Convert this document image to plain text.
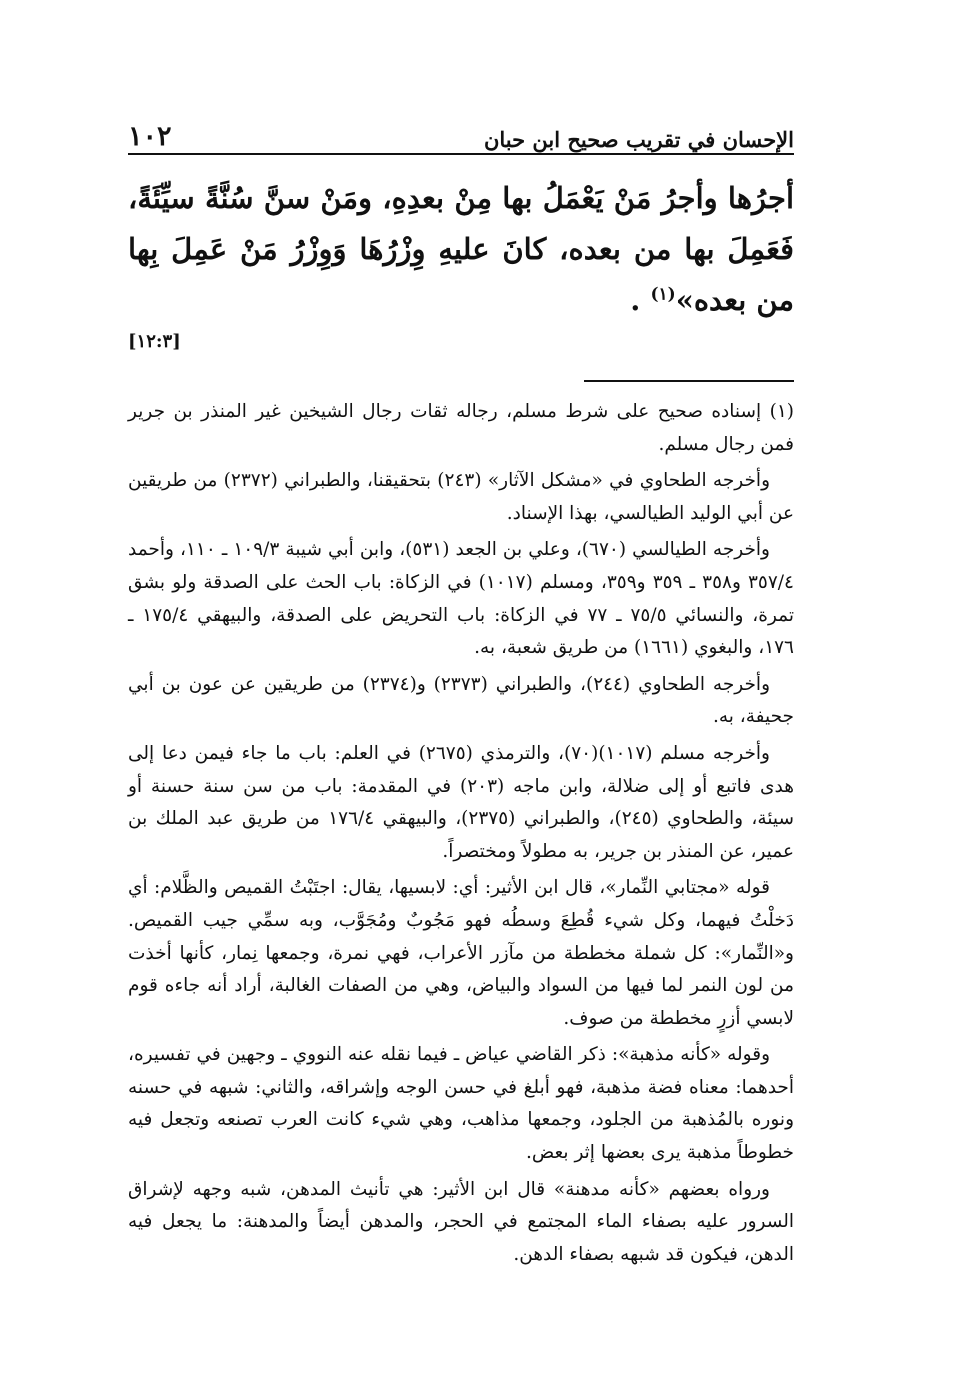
الإحسان في تقريب صحيح ابن حبان
١٠٢
أجرُها وأجرُ مَنْ يَعْمَلُ بها مِنْ بعدِهِ، ومَنْ سنَّ سُنَّةً سيِّئَةً، فَعَمِلَ بها من بعده، كانَ عليهِ وِزْرُهَا وَوِزْرُ مَنْ عَمِلَ بِها من بعده»$^{(١)}$ .
[١٢:٣]

(١) إسناده صحيح على شرط مسلم، رجاله ثقات رجال الشيخين غير المنذر بن جرير فمن رجال مسلم.

وأخرجه الطحاوي في «مشكل الآثار» (٢٤٣) بتحقيقنا، والطبراني (٢٣٧٢) من طريقين عن أبي الوليد الطيالسي، بهذا الإسناد.

وأخرجه الطيالسي (٦٧٠)، وعلي بن الجعد (٥٣١)، وابن أبي شيبة ١٠٩/٣ ـ ١١٠، وأحمد ٣٥٧/٤ و٣٥٨ ـ ٣٥٩ و٣٥٩، ومسلم (١٠١٧) في الزكاة: باب الحث على الصدقة ولو بشق تمرة، والنسائي ٧٥/٥ ـ ٧٧ في الزكاة: باب التحريض على الصدقة، والبيهقي ١٧٥/٤ ـ ١٧٦، والبغوي (١٦٦١) من طريق شعبة، به.

وأخرجه الطحاوي (٢٤٤)، والطبراني (٢٣٧٣) و(٢٣٧٤) من طريقين عن عون بن أبي جحيفة، به.

وأخرجه مسلم (١٠١٧)(٧٠)، والترمذي (٢٦٧٥) في العلم: باب ما جاء فيمن دعا إلى هدى فاتبع أو إلى ضلالة، وابن ماجه (٢٠٣) في المقدمة: باب من سن سنة حسنة أو سيئة، والطحاوي (٢٤٥)، والطبراني (٢٣٧٥)، والبيهقي ١٧٦/٤ من طريق عبد الملك بن عمير، عن المنذر بن جرير، به مطولاً ومختصراً.

قوله «مجتابي النِّمار»، قال ابن الأثير: أي: لابسيها، يقال: اجتَبْتُ القميص والظَّلام: أي دَخلْتُ فيهما، وكل شيء قُطِعَ وسطُه فهو مَجُوبٌ ومُجَوَّب، وبه سمِّي جيب القميص. و«النِّمار»: كل شملة مخططة من مآزر الأعراب، فهي نمرة، وجمعها نِمار، كأنها أخذت من لون النمر لما فيها من السواد والبياض، وهي من الصفات الغالبة، أراد أنه جاءه قوم لابسي أزرٍ مخططة من صوف.

وقوله «كأنه مذهبة»: ذكر القاضي عياض ـ فيما نقله عنه النووي ـ وجهين في تفسيره، أحدهما: معناه فضة مذهبة، فهو أبلغ في حسن الوجه وإشراقه، والثاني: شبهه في حسنه ونوره بالمُذهبة من الجلود، وجمعها مذاهب، وهي شيء كانت العرب تصنعه وتجعل فيه خطوطاً مذهبة يرى بعضها إثر بعض.

ورواه بعضهم «كأنه مدهنة» قال ابن الأثير: هي تأنيث المدهن، شبه وجهه لإشراق السرور عليه بصفاء الماء المجتمع في الحجر، والمدهن أيضاً والمدهنة: ما يجعل فيه الدهن، فيكون قد شبهه بصفاء الدهن.
